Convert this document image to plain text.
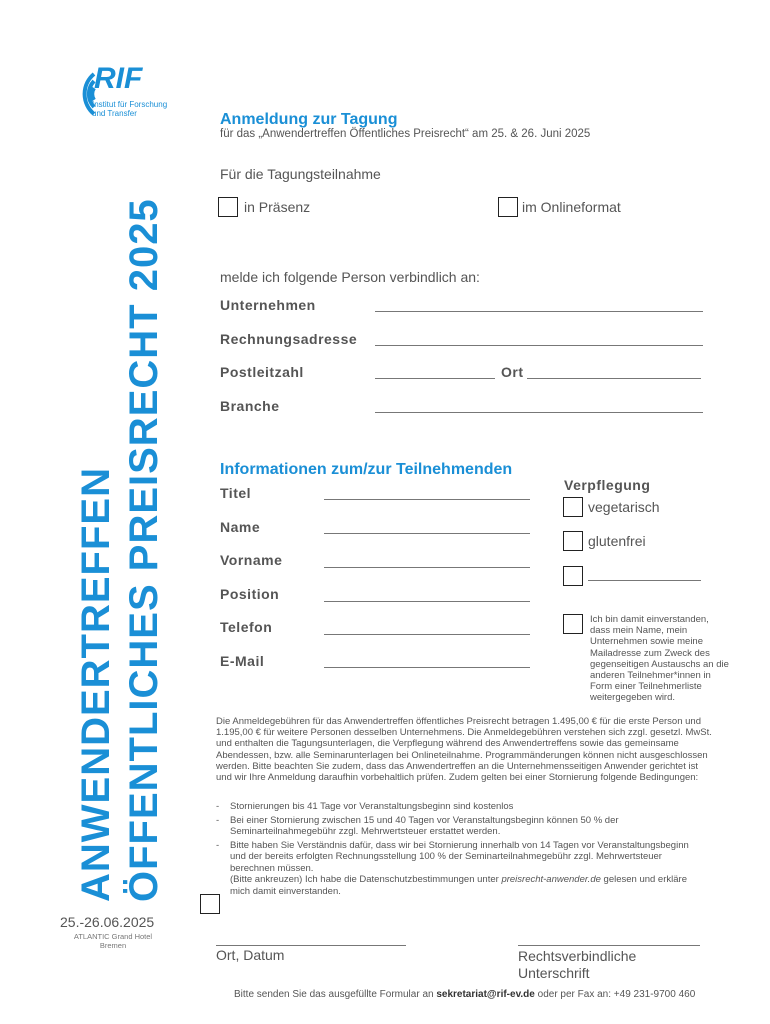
RIF
Institut für Forschung und Transfer
ANWENDERTREFFEN ÖFFENTLICHES PREISRECHT 2025
25.-26.06.2025
ATLANTIC Grand Hotel
Bremen
Anmeldung zur Tagung
für das „Anwendertreffen Öffentliches Preisrecht“ am 25. & 26. Juni 2025
Für die Tagungsteilnahme
in Präsenz	im Onlineformat
melde ich folgende Person verbindlich an:
Unternehmen
Rechnungsadresse
Postleitzahl	Ort
Branche
Informationen zum/zur Teilnehmenden
Titel
Name
Vorname
Position
Telefon
E-Mail
Verpflegung
vegetarisch
glutenfrei
Ich bin damit einverstanden, dass mein Name, mein Unternehmen sowie meine Mailadresse zum Zweck des gegenseitigen Austauschs an die anderen Teilnehmer*innen in Form einer Teilnehmerliste weitergegeben wird.
Die Anmeldegebühren für das Anwendertreffen öffentliches Preisrecht betragen 1.495,00 € für die erste Person und 1.195,00 € für weitere Personen desselben Unternehmens. Die Anmeldegebühren verstehen sich zzgl. gesetzl. MwSt. und enthalten die Tagungsunterlagen, die Verpflegung während des Anwendertreffens sowie das gemeinsame Abendessen, bzw. alle Seminarunterlagen bei Onlineteilnahme. Programmänderungen können nicht ausgeschlossen werden. Bitte beachten Sie zudem, dass das Anwendertreffen an die Unternehmensseitigen Anwender gerichtet ist und wir Ihre Anmeldung daraufhin vorbehaltlich prüfen. Zudem gelten bei einer Stornierung folgende Bedingungen:
-	Stornierungen bis 41 Tage vor Veranstaltungsbeginn sind kostenlos
-	Bei einer Stornierung zwischen 15 und 40 Tagen vor Veranstaltungsbeginn können 50 % der Seminarteilnahmegebühr zzgl. Mehrwertsteuer erstattet werden.
-	Bitte haben Sie Verständnis dafür, dass wir bei Stornierung innerhalb von 14 Tagen vor Veranstaltungsbeginn und der bereits erfolgten Rechnungsstellung 100 % der Seminarteilnahmegebühr zzgl. Mehrwertsteuer berechnen müssen.
(Bitte ankreuzen) Ich habe die Datenschutzbestimmungen unter preisrecht-anwender.de gelesen und erkläre mich damit einverstanden.
Ort, Datum	Rechtsverbindliche
Unterschrift
Bitte senden Sie das ausgefüllte Formular an sekretariat@rif-ev.de oder per Fax an: +49 231-9700 460
